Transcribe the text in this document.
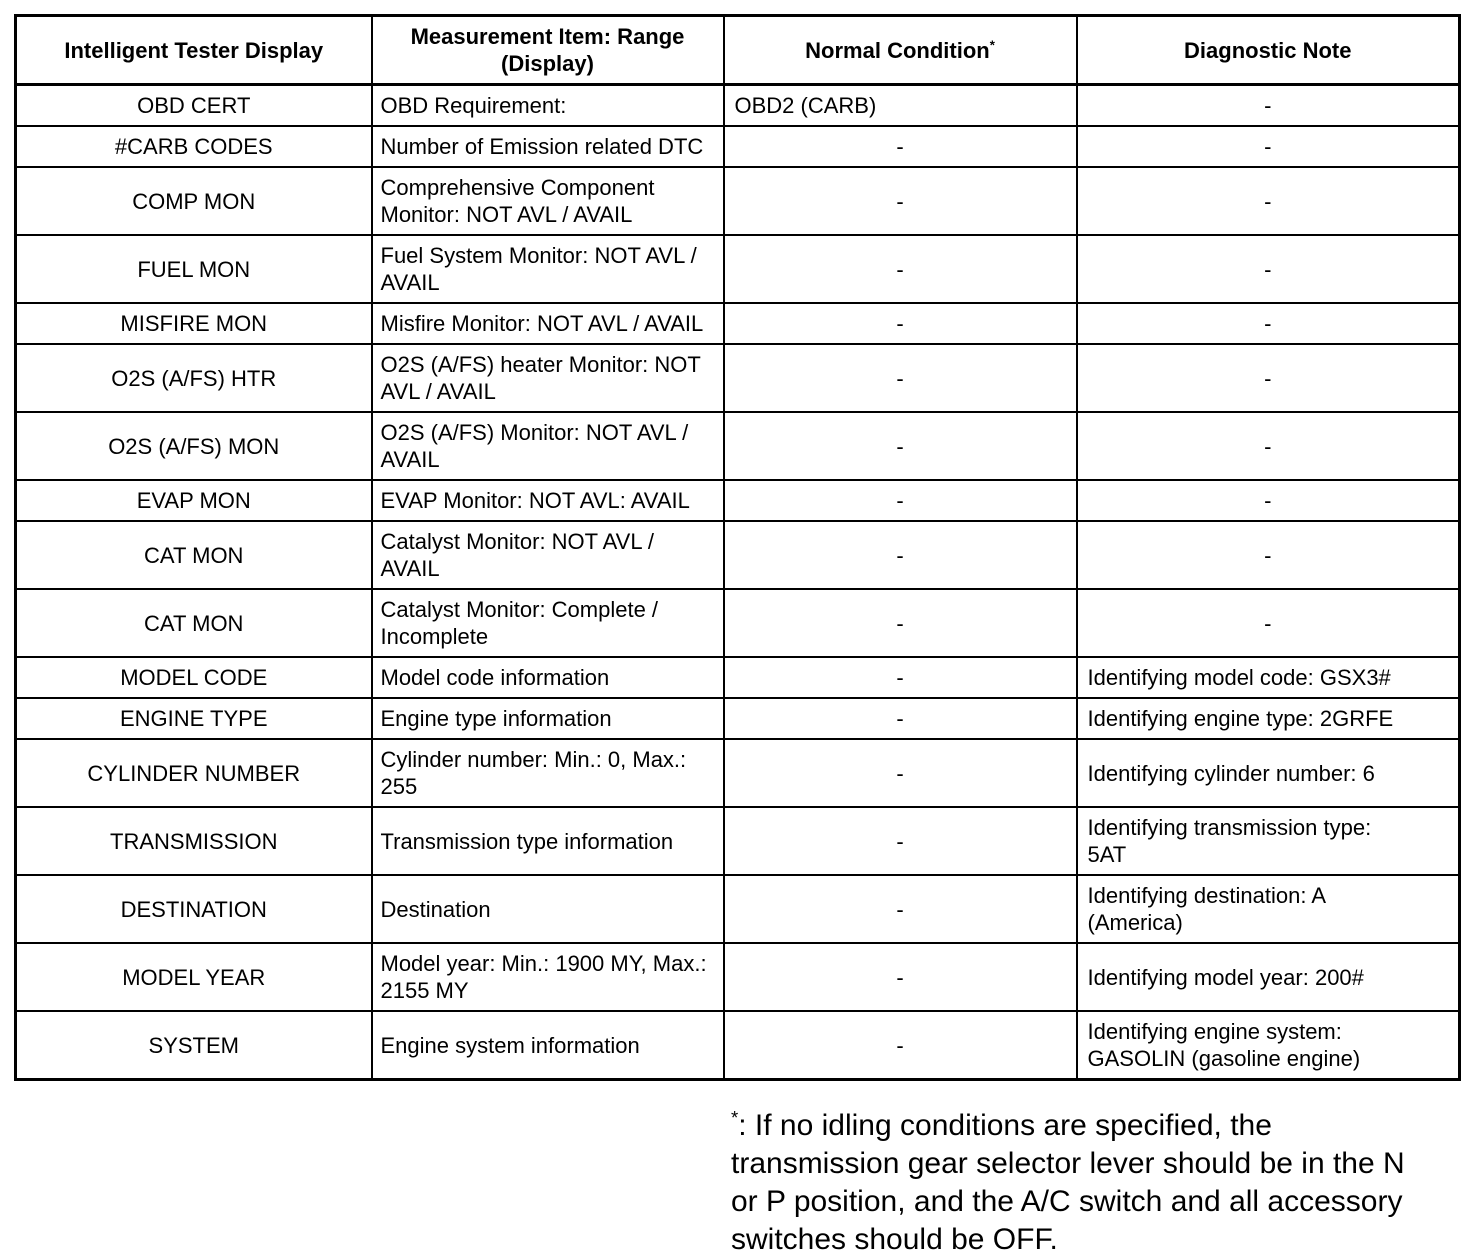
Intelligent Tester Display	Measurement Item: Range (Display)	Normal Condition*	Diagnostic Note
OBD CERT	OBD Requirement:	OBD2 (CARB)	-
#CARB CODES	Number of Emission related DTC	-	-
COMP MON	Comprehensive Component Monitor: NOT AVL / AVAIL	-	-
FUEL MON	Fuel System Monitor: NOT AVL / AVAIL	-	-
MISFIRE MON	Misfire Monitor: NOT AVL / AVAIL	-	-
O2S (A/FS) HTR	O2S (A/FS) heater Monitor: NOT AVL / AVAIL	-	-
O2S (A/FS) MON	O2S (A/FS) Monitor: NOT AVL / AVAIL	-	-
EVAP MON	EVAP Monitor: NOT AVL: AVAIL	-	-
CAT MON	Catalyst Monitor: NOT AVL / AVAIL	-	-
CAT MON	Catalyst Monitor: Complete / Incomplete	-	-
MODEL CODE	Model code information	-	Identifying model code: GSX3#
ENGINE TYPE	Engine type information	-	Identifying engine type: 2GRFE
CYLINDER NUMBER	Cylinder number: Min.: 0, Max.: 255	-	Identifying cylinder number: 6
TRANSMISSION	Transmission type information	-	Identifying transmission type: 5AT
DESTINATION	Destination	-	Identifying destination: A (America)
MODEL YEAR	Model year: Min.: 1900 MY, Max.: 2155 MY	-	Identifying model year: 200#
SYSTEM	Engine system information	-	Identifying engine system: GASOLIN (gasoline engine)

*: If no idling conditions are specified, the transmission gear selector lever should be in the N or P position, and the A/C switch and all accessory switches should be OFF.
